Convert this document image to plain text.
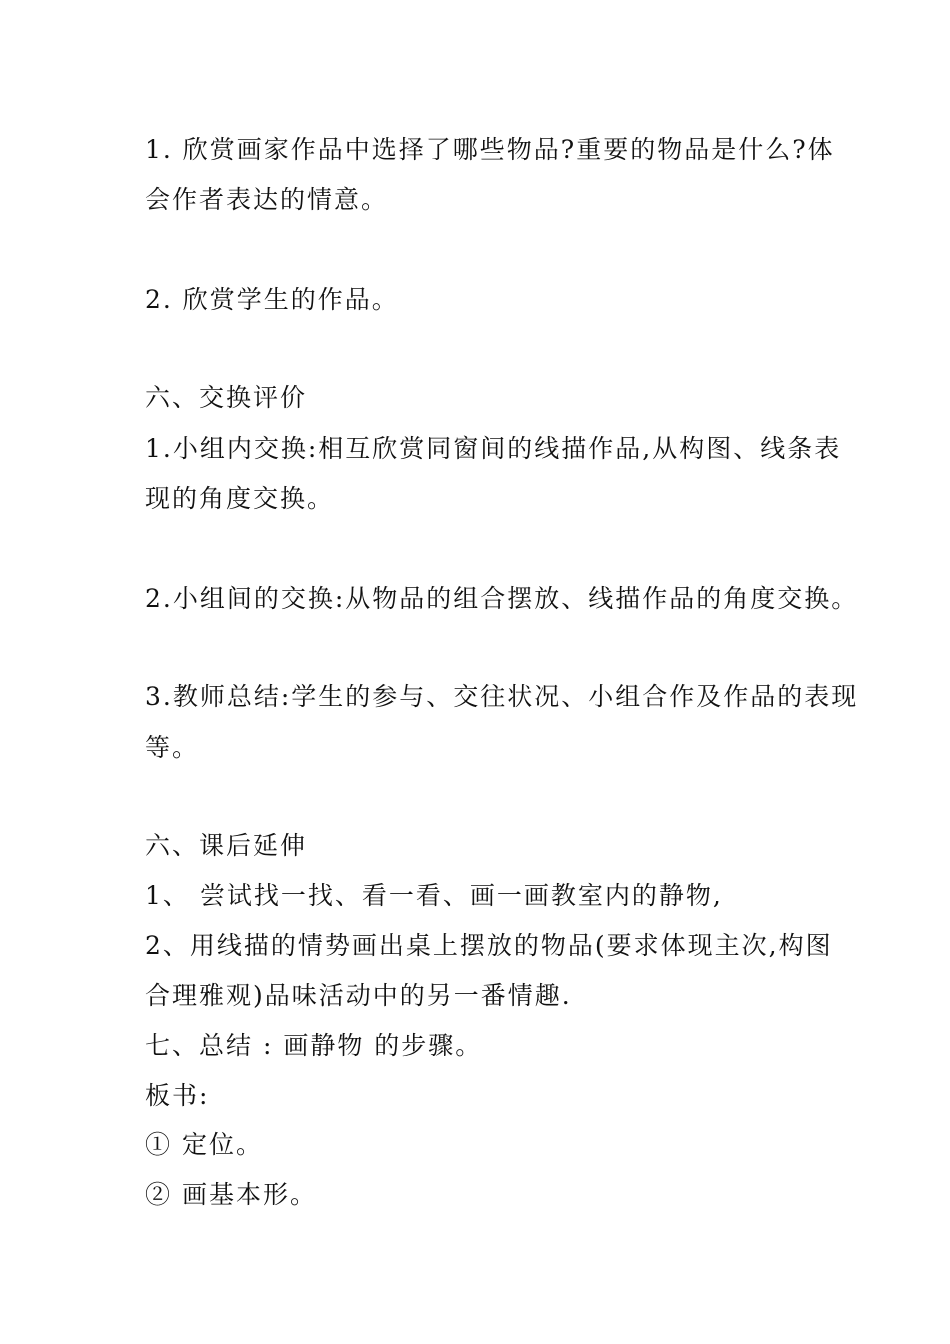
1. 欣赏画家作品中选择了哪些物品?重要的物品是什么?体
会作者表达的情意。
2. 欣赏学生的作品。
六、交换评价
1.小组内交换:相互欣赏同窗间的线描作品,从构图、线条表
现的角度交换。
2.小组间的交换:从物品的组合摆放、线描作品的角度交换。
3.教师总结:学生的参与、交往状况、小组合作及作品的表现
等。
六、课后延伸
1、 尝试找一找、看一看、画一画教室内的静物,
2、用线描的情势画出桌上摆放的物品(要求体现主次,构图
合理雅观)品味活动中的另一番情趣.
七、总结 : 画静物 的步骤。
板书:
① 定位。
② 画基本形。
